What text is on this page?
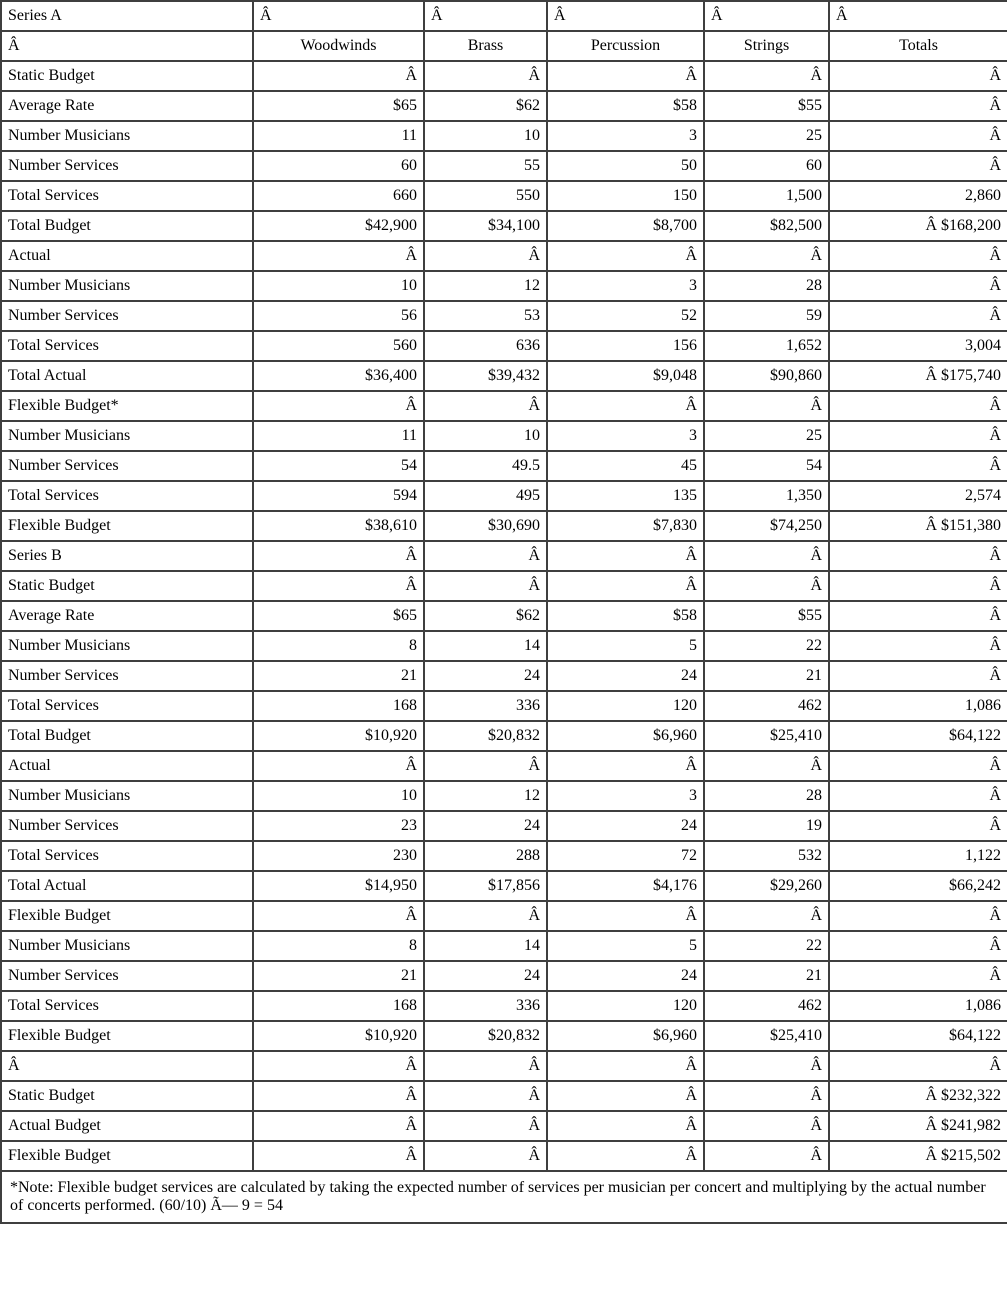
Series A	Â	Â	Â	Â	Â
Â	Woodwinds	Brass	Percussion	Strings	Totals
Static Budget	Â	Â	Â	Â	Â
Average Rate	$65	$62	$58	$55	Â
Number Musicians	11	10	3	25	Â
Number Services	60	55	50	60	Â
Total Services	660	550	150	1,500	2,860
Total Budget	$42,900	$34,100	$8,700	$82,500	Â $168,200
Actual	Â	Â	Â	Â	Â
Number Musicians	10	12	3	28	Â
Number Services	56	53	52	59	Â
Total Services	560	636	156	1,652	3,004
Total Actual	$36,400	$39,432	$9,048	$90,860	Â $175,740
Flexible Budget*	Â	Â	Â	Â	Â
Number Musicians	11	10	3	25	Â
Number Services	54	49.5	45	54	Â
Total Services	594	495	135	1,350	2,574
Flexible Budget	$38,610	$30,690	$7,830	$74,250	Â $151,380
Series B	Â	Â	Â	Â	Â
Static Budget	Â	Â	Â	Â	Â
Average Rate	$65	$62	$58	$55	Â
Number Musicians	8	14	5	22	Â
Number Services	21	24	24	21	Â
Total Services	168	336	120	462	1,086
Total Budget	$10,920	$20,832	$6,960	$25,410	$64,122
Actual	Â	Â	Â	Â	Â
Number Musicians	10	12	3	28	Â
Number Services	23	24	24	19	Â
Total Services	230	288	72	532	1,122
Total Actual	$14,950	$17,856	$4,176	$29,260	$66,242
Flexible Budget	Â	Â	Â	Â	Â
Number Musicians	8	14	5	22	Â
Number Services	21	24	24	21	Â
Total Services	168	336	120	462	1,086
Flexible Budget	$10,920	$20,832	$6,960	$25,410	$64,122
Â	Â	Â	Â	Â	Â
Static Budget	Â	Â	Â	Â	Â $232,322
Actual Budget	Â	Â	Â	Â	Â $241,982
Flexible Budget	Â	Â	Â	Â	Â $215,502
*Note: Flexible budget services are calculated by taking the expected number of services per musician per concert and multiplying by the actual number of concerts performed. (60/10) Ã— 9 = 54					
